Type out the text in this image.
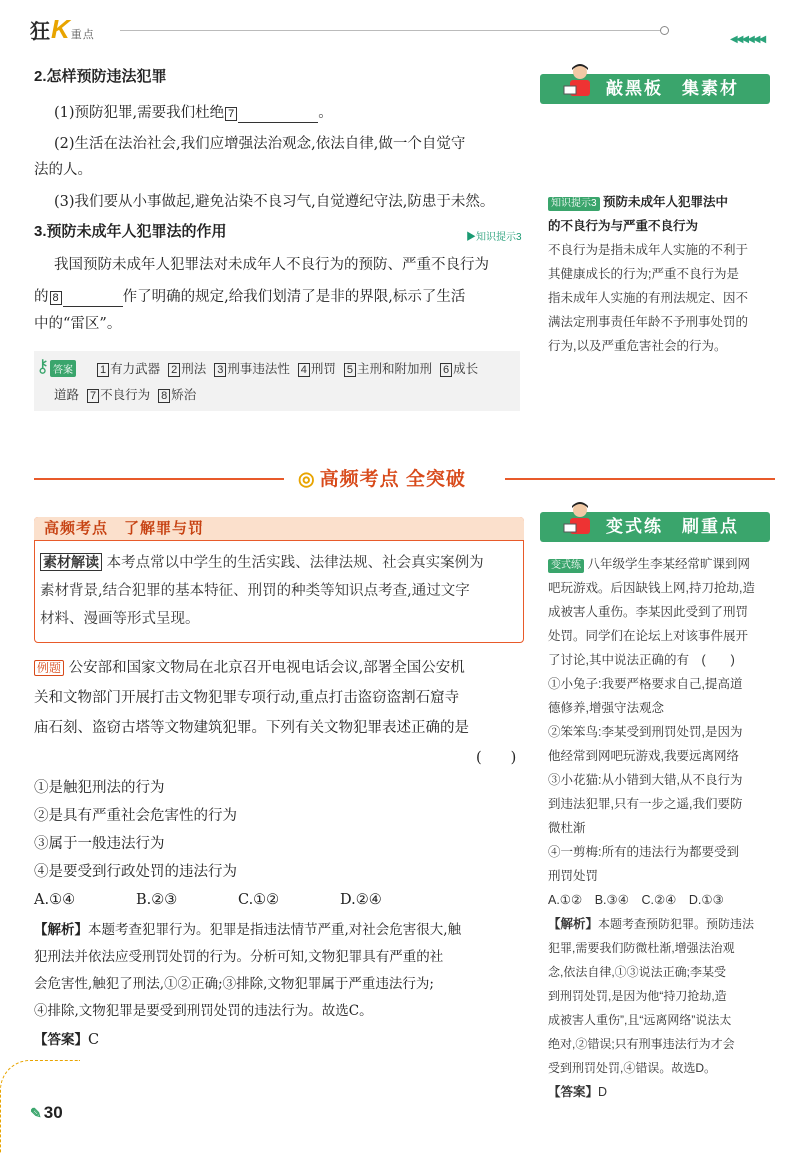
狂K重点	◀◀◀◀◀◀
2.怎样预防违法犯罪
(1)预防犯罪,需要我们杜绝 7	。
(2)生活在法治社会,我们应增强法治观念,依法自律,做一个自觉守
法的人。
(3)我们要从小事做起,避免沾染不良习气,自觉遵纪守法,防患于未然。
3.预防未成年人犯罪法的作用	▶知识提示3
我国预防未成年人犯罪法对未成年人不良行为的预防、严重不良行为
的 8	作了明确的规定,给我们划清了是非的界限,标示了生活
中的“雷区”。
⚷ 答案	1 有力武器 2 刑法 3 刑事违法性 4 刑罚 5 主刑和附加刑 6 成长
道路 7 不良行为 8 矫治
敲黑板　集素材
知识提示3 预防未成年人犯罪法中
的不良行为与严重不良行为
不良行为是指未成年人实施的不利于
其健康成长的行为;严重不良行为是
指未成年人实施的有刑法规定、因不
满法定刑事责任年龄不予刑事处罚的
行为,以及严重危害社会的行为。
◎ 高频考点 全突破
高频考点　了解罪与罚
素材解读 本考点常以中学生的生活实践、法律法规、社会真实案例为
素材背景,结合犯罪的基本特征、刑罚的种类等知识点考查,通过文字
材料、漫画等形式呈现。
例题 公安部和国家文物局在北京召开电视电话会议,部署全国公安机
关和文物部门开展打击文物犯罪专项行动,重点打击盗窃盗割石窟寺
庙石刻、盗窃古塔等文物建筑犯罪。下列有关文物犯罪表述正确的是
(　　)
①是触犯刑法的行为
②是具有严重社会危害性的行为
③属于一般违法行为
④是要受到行政处罚的违法行为
A.①④	B.②③	C.①②	D.②④
【解析】本题考查犯罪行为。犯罪是指违法情节严重,对社会危害很大,触
犯刑法并依法应受刑罚处罚的行为。分析可知,文物犯罪具有严重的社
会危害性,触犯了刑法,①②正确;③排除,文物犯罪属于严重违法行为;
④排除,文物犯罪是要受到刑罚处罚的违法行为。故选C。
【答案】C
变式练　刷重点
变式练 八年级学生李某经常旷课到网
吧玩游戏。后因缺钱上网,持刀抢劫,造
成被害人重伤。李某因此受到了刑罚
处罚。同学们在论坛上对该事件展开
了讨论,其中说法正确的有　(　　)
①小兔子:我要严格要求自己,提高道
德修养,增强守法观念
②笨笨鸟:李某受到刑罚处罚,是因为
他经常到网吧玩游戏,我要远离网络
③小花猫:从小错到大错,从不良行为
到违法犯罪,只有一步之遥,我们要防
微杜渐
④一剪梅:所有的违法行为都要受到
刑罚处罚
A.①②　B.③④　C.②④　D.①③
【解析】本题考查预防犯罪。预防违法
犯罪,需要我们防微杜渐,增强法治观
念,依法自律,①③说法正确;李某受
到刑罚处罚,是因为他“持刀抢劫,造
成被害人重伤”,且“远离网络”说法太
绝对,②错误;只有刑事违法行为才会
受到刑罚处罚,④错误。故选D。
【答案】D
✎ 30
